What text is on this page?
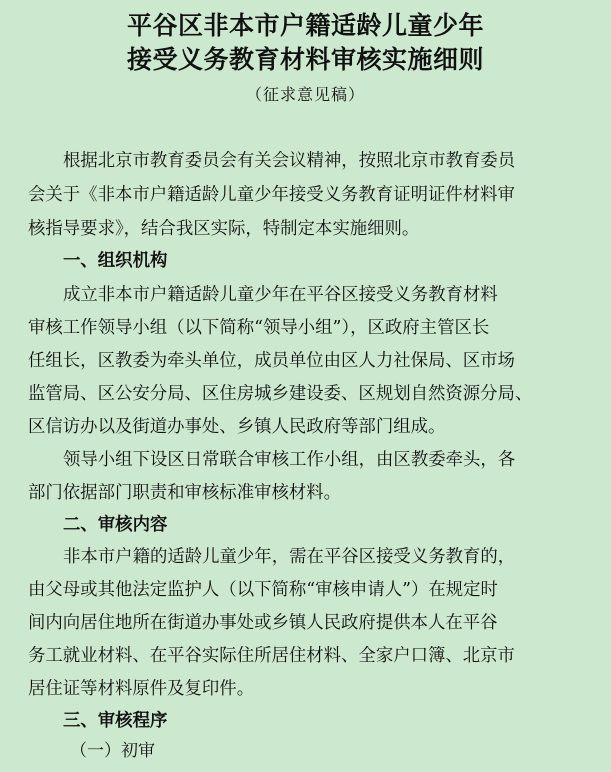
平谷区非本市户籍适龄儿童少年
接受义务教育材料审核实施细则
（征求意见稿）
根据北京市教育委员会有关会议精神，按照北京市教育委员
会关于《非本市户籍适龄儿童少年接受义务教育证明证件材料审
核指导要求》，结合我区实际，特制定本实施细则。
一、组织机构
成立非本市户籍适龄儿童少年在平谷区接受义务教育材料
审核工作领导小组（以下简称“领导小组”），区政府主管区长
任组长，区教委为牵头单位，成员单位由区人力社保局、区市场
监管局、区公安分局、区住房城乡建设委、区规划自然资源分局、
区信访办以及街道办事处、乡镇人民政府等部门组成。
领导小组下设区日常联合审核工作小组，由区教委牵头，各
部门依据部门职责和审核标准审核材料。
二、审核内容
非本市户籍的适龄儿童少年，需在平谷区接受义务教育的，
由父母或其他法定监护人（以下简称“审核申请人”）在规定时
间内向居住地所在街道办事处或乡镇人民政府提供本人在平谷
务工就业材料、在平谷实际住所居住材料、全家户口簿、北京市
居住证等材料原件及复印件。
三、审核程序
（一）初审
